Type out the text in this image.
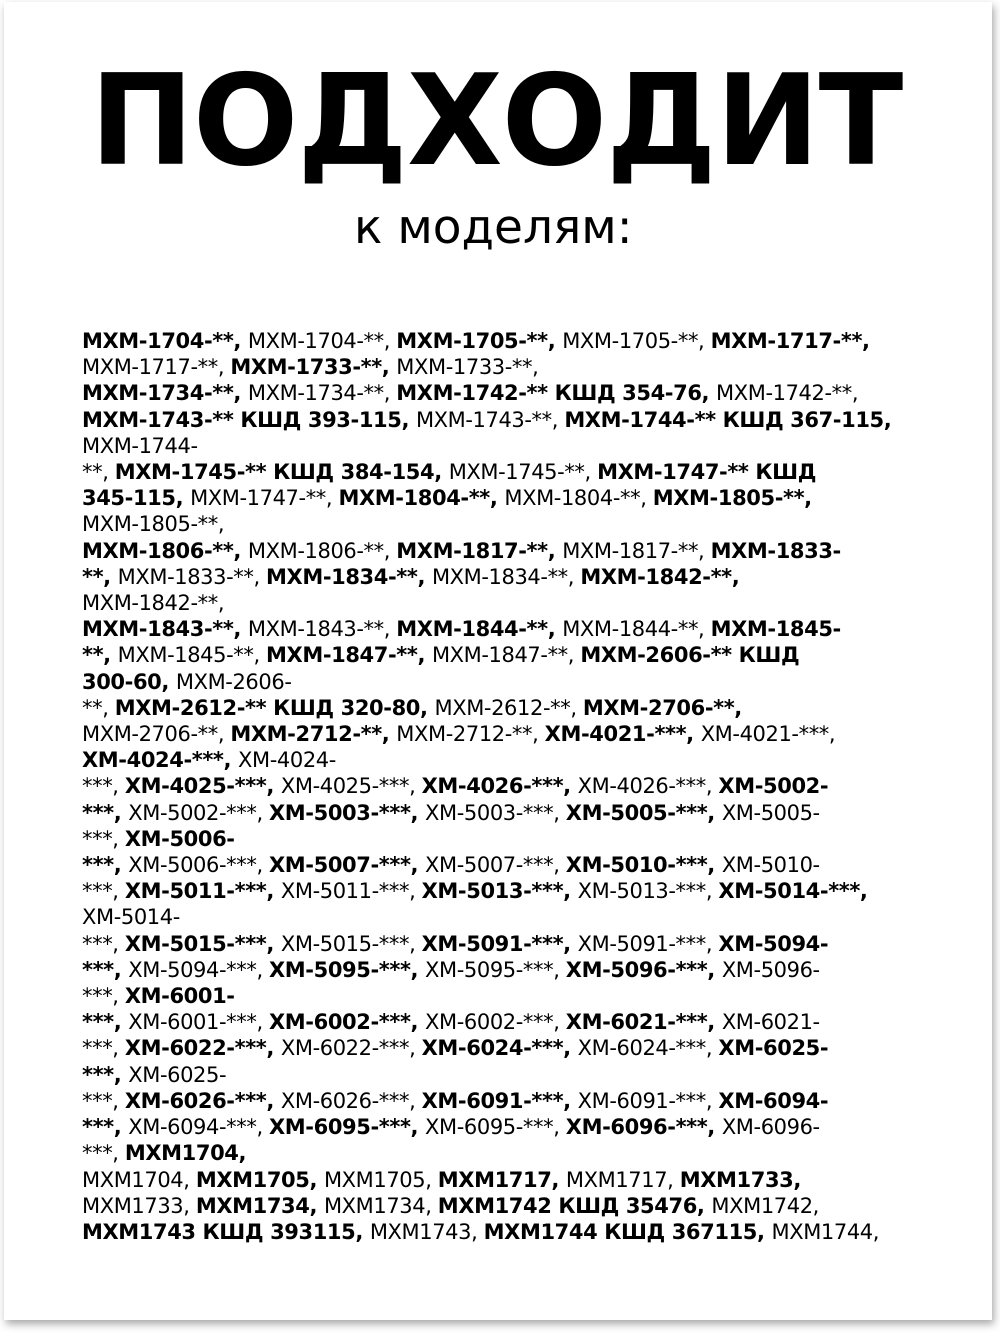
ПОДХОДИТ
к моделям:
МХМ-1704-**, МХМ-1704-**, МХМ-1705-**, МХМ-1705-**, МХМ-1717-**,
МХМ-1717-**, МХМ-1733-**, МХМ-1733-**,
МХМ-1734-**, МХМ-1734-**, МХМ-1742-** КШД 354-76, МХМ-1742-**,
МХМ-1743-** КШД 393-115, МХМ-1743-**, МХМ-1744-** КШД 367-115,
МХМ-1744-
**, МХМ-1745-** КШД 384-154, МХМ-1745-**, МХМ-1747-** КШД
345-115, МХМ-1747-**, МХМ-1804-**, МХМ-1804-**, МХМ-1805-**,
МХМ-1805-**,
МХМ-1806-**, МХМ-1806-**, МХМ-1817-**, МХМ-1817-**, МХМ-1833-
**, МХМ-1833-**, МХМ-1834-**, МХМ-1834-**, МХМ-1842-**,
МХМ-1842-**,
МХМ-1843-**, МХМ-1843-**, МХМ-1844-**, МХМ-1844-**, МХМ-1845-
**, МХМ-1845-**, МХМ-1847-**, МХМ-1847-**, МХМ-2606-** КШД
300-60, МХМ-2606-
**, МХМ-2612-** КШД 320-80, МХМ-2612-**, МХМ-2706-**,
МХМ-2706-**, МХМ-2712-**, МХМ-2712-**, ХМ-4021-***, ХМ-4021-***,
ХМ-4024-***, ХМ-4024-
***, ХМ-4025-***, ХМ-4025-***, ХМ-4026-***, ХМ-4026-***, ХМ-5002-
***, ХМ-5002-***, ХМ-5003-***, ХМ-5003-***, ХМ-5005-***, ХМ-5005-
***, ХМ-5006-
***, ХМ-5006-***, ХМ-5007-***, ХМ-5007-***, ХМ-5010-***, ХМ-5010-
***, ХМ-5011-***, ХМ-5011-***, ХМ-5013-***, ХМ-5013-***, ХМ-5014-***,
ХМ-5014-
***, ХМ-5015-***, ХМ-5015-***, ХМ-5091-***, ХМ-5091-***, ХМ-5094-
***, ХМ-5094-***, ХМ-5095-***, ХМ-5095-***, ХМ-5096-***, ХМ-5096-
***, ХМ-6001-
***, ХМ-6001-***, ХМ-6002-***, ХМ-6002-***, ХМ-6021-***, ХМ-6021-
***, ХМ-6022-***, ХМ-6022-***, ХМ-6024-***, ХМ-6024-***, ХМ-6025-
***, ХМ-6025-
***, ХМ-6026-***, ХМ-6026-***, ХМ-6091-***, ХМ-6091-***, ХМ-6094-
***, ХМ-6094-***, ХМ-6095-***, ХМ-6095-***, ХМ-6096-***, ХМ-6096-
***, МХМ1704,
МХМ1704, МХМ1705, МХМ1705, МХМ1717, МХМ1717, МХМ1733,
МХМ1733, МХМ1734, МХМ1734, МХМ1742 КШД 35476, МХМ1742,
МХМ1743 КШД 393115, МХМ1743, МХМ1744 КШД 367115, МХМ1744,
